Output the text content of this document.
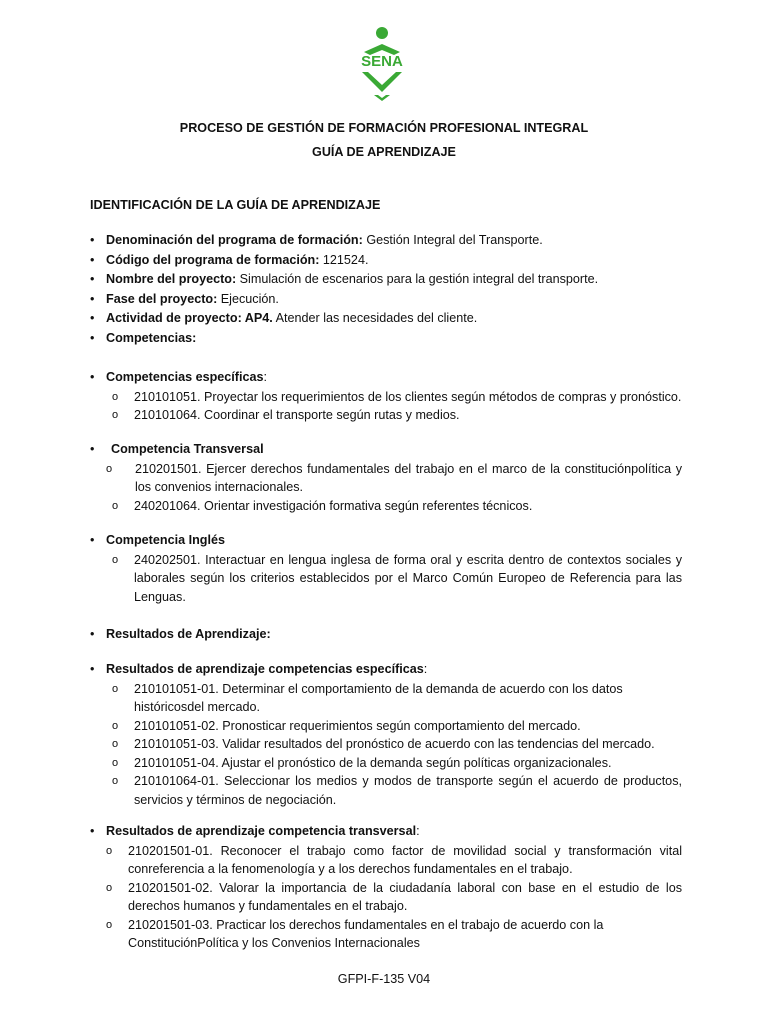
SENA
PROCESO DE GESTIÓN DE FORMACIÓN PROFESIONAL INTEGRAL
GUÍA DE APRENDIZAJE
IDENTIFICACIÓN DE LA GUÍA DE APRENDIZAJE
• Denominación del programa de formación: Gestión Integral del Transporte.
• Código del programa de formación: 121524.
• Nombre del proyecto: Simulación de escenarios para la gestión integral del transporte.
• Fase del proyecto: Ejecución.
• Actividad de proyecto: AP4. Atender las necesidades del cliente.
• Competencias:
• Competencias específicas:
o 210101051. Proyectar los requerimientos de los clientes según métodos de compras y pronóstico.
o 210101064. Coordinar el transporte según rutas y medios.
• Competencia Transversal
o 210201501. Ejercer derechos fundamentales del trabajo en el marco de la constituciónpolítica y los convenios internacionales.
o 240201064. Orientar investigación formativa según referentes técnicos.
• Competencia Inglés
o 240202501. Interactuar en lengua inglesa de forma oral y escrita dentro de contextos sociales y laborales según los criterios establecidos por el Marco Común Europeo de Referencia para las Lenguas.
• Resultados de Aprendizaje:
• Resultados de aprendizaje competencias específicas:
o 210101051-01. Determinar el comportamiento de la demanda de acuerdo con los datos históricosdel mercado.
o 210101051-02. Pronosticar requerimientos según comportamiento del mercado.
o 210101051-03. Validar resultados del pronóstico de acuerdo con las tendencias del mercado.
o 210101051-04. Ajustar el pronóstico de la demanda según políticas organizacionales.
o 210101064-01. Seleccionar los medios y modos de transporte según el acuerdo de productos, servicios y términos de negociación.
• Resultados de aprendizaje competencia transversal:
o 210201501-01. Reconocer el trabajo como factor de movilidad social y transformación vital conreferencia a la fenomenología y a los derechos fundamentales en el trabajo.
o 210201501-02. Valorar la importancia de la ciudadanía laboral con base en el estudio de los derechos humanos y fundamentales en el trabajo.
o 210201501-03. Practicar los derechos fundamentales en el trabajo de acuerdo con la ConstituciónPolítica y los Convenios Internacionales
GFPI-F-135 V04
